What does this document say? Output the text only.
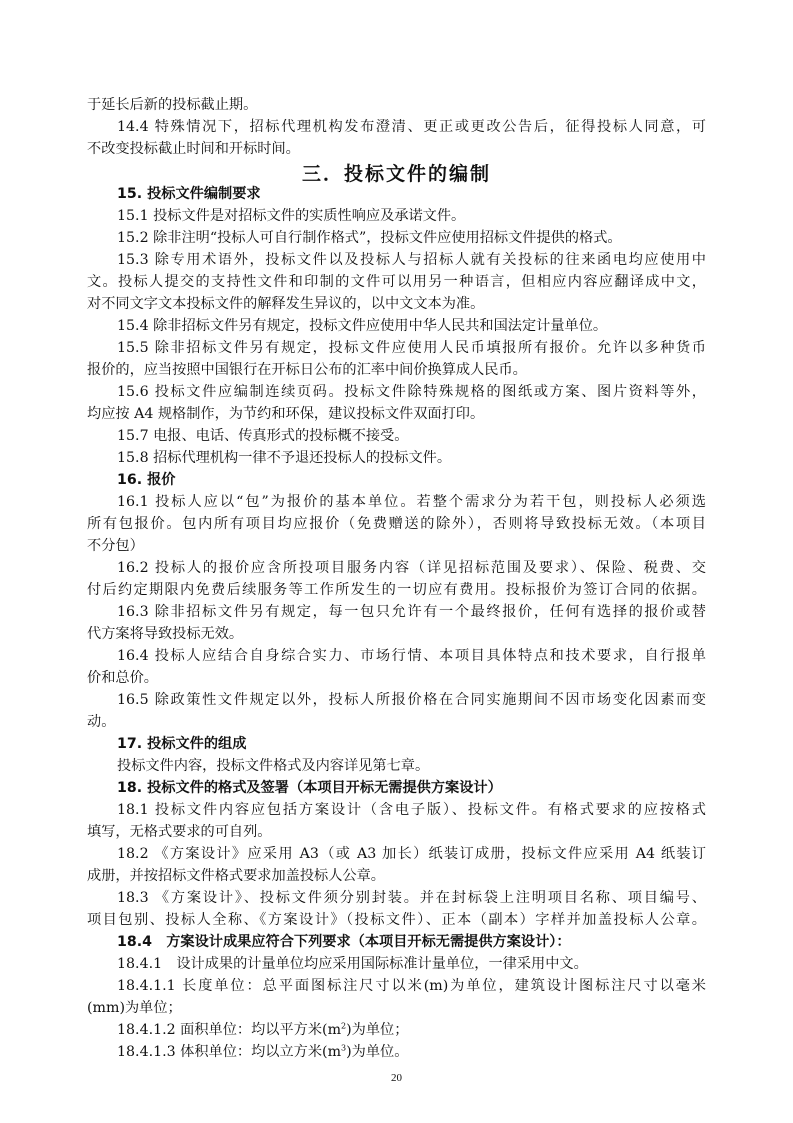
于延长后新的投标截止期。
14.4 特殊情况下，招标代理机构发布澄清、更正或更改公告后，征得投标人同意，可
不改变投标截止时间和开标时间。
三．投标文件的编制
15. 投标文件编制要求
15.1 投标文件是对招标文件的实质性响应及承诺文件。
15.2 除非注明“投标人可自行制作格式”，投标文件应使用招标文件提供的格式。
15.3 除专用术语外，投标文件以及投标人与招标人就有关投标的往来函电均应使用中
文。投标人提交的支持性文件和印制的文件可以用另一种语言，但相应内容应翻译成中文，
对不同文字文本投标文件的解释发生异议的，以中文文本为准。
15.4 除非招标文件另有规定，投标文件应使用中华人民共和国法定计量单位。
15.5 除非招标文件另有规定，投标文件应使用人民币填报所有报价。允许以多种货币
报价的，应当按照中国银行在开标日公布的汇率中间价换算成人民币。
15.6 投标文件应编制连续页码。投标文件除特殊规格的图纸或方案、图片资料等外，
均应按 A4 规格制作，为节约和环保，建议投标文件双面打印。
15.7 电报、电话、传真形式的投标概不接受。
15.8 招标代理机构一律不予退还投标人的投标文件。
16. 报价
16.1 投标人应以“包”为报价的基本单位。若整个需求分为若干包，则投标人必须选
所有包报价。包内所有项目均应报价（免费赠送的除外），否则将导致投标无效。（本项目
不分包）
16.2 投标人的报价应含所投项目服务内容（详见招标范围及要求）、保险、税费、交
付后约定期限内免费后续服务等工作所发生的一切应有费用。投标报价为签订合同的依据。
16.3 除非招标文件另有规定，每一包只允许有一个最终报价，任何有选择的报价或替
代方案将导致投标无效。
16.4 投标人应结合自身综合实力、市场行情、本项目具体特点和技术要求，自行报单
价和总价。
16.5 除政策性文件规定以外，投标人所报价格在合同实施期间不因市场变化因素而变
动。
17. 投标文件的组成
投标文件内容，投标文件格式及内容详见第七章。
18. 投标文件的格式及签署（本项目开标无需提供方案设计）
18.1 投标文件内容应包括方案设计（含电子版）、投标文件。有格式要求的应按格式
填写，无格式要求的可自列。
18.2 《方案设计》应采用 A3（或 A3 加长）纸装订成册，投标文件应采用 A4 纸装订
成册，并按招标文件格式要求加盖投标人公章。
18.3 《方案设计》、投标文件须分别封装。并在封标袋上注明项目名称、项目编号、
项目包别、投标人全称、《方案设计》（投标文件）、正本（副本）字样并加盖投标人公章。
18.4　方案设计成果应符合下列要求（本项目开标无需提供方案设计）：
18.4.1　设计成果的计量单位均应采用国际标准计量单位，一律采用中文。
18.4.1.1 长度单位：总平面图标注尺寸以米(m)为单位，建筑设计图标注尺寸以毫米
(mm)为单位；
18.4.1.2 面积单位：均以平方米$(m^2)$为单位；
18.4.1.3 体积单位：均以立方米$(m^3)$为单位。
20
